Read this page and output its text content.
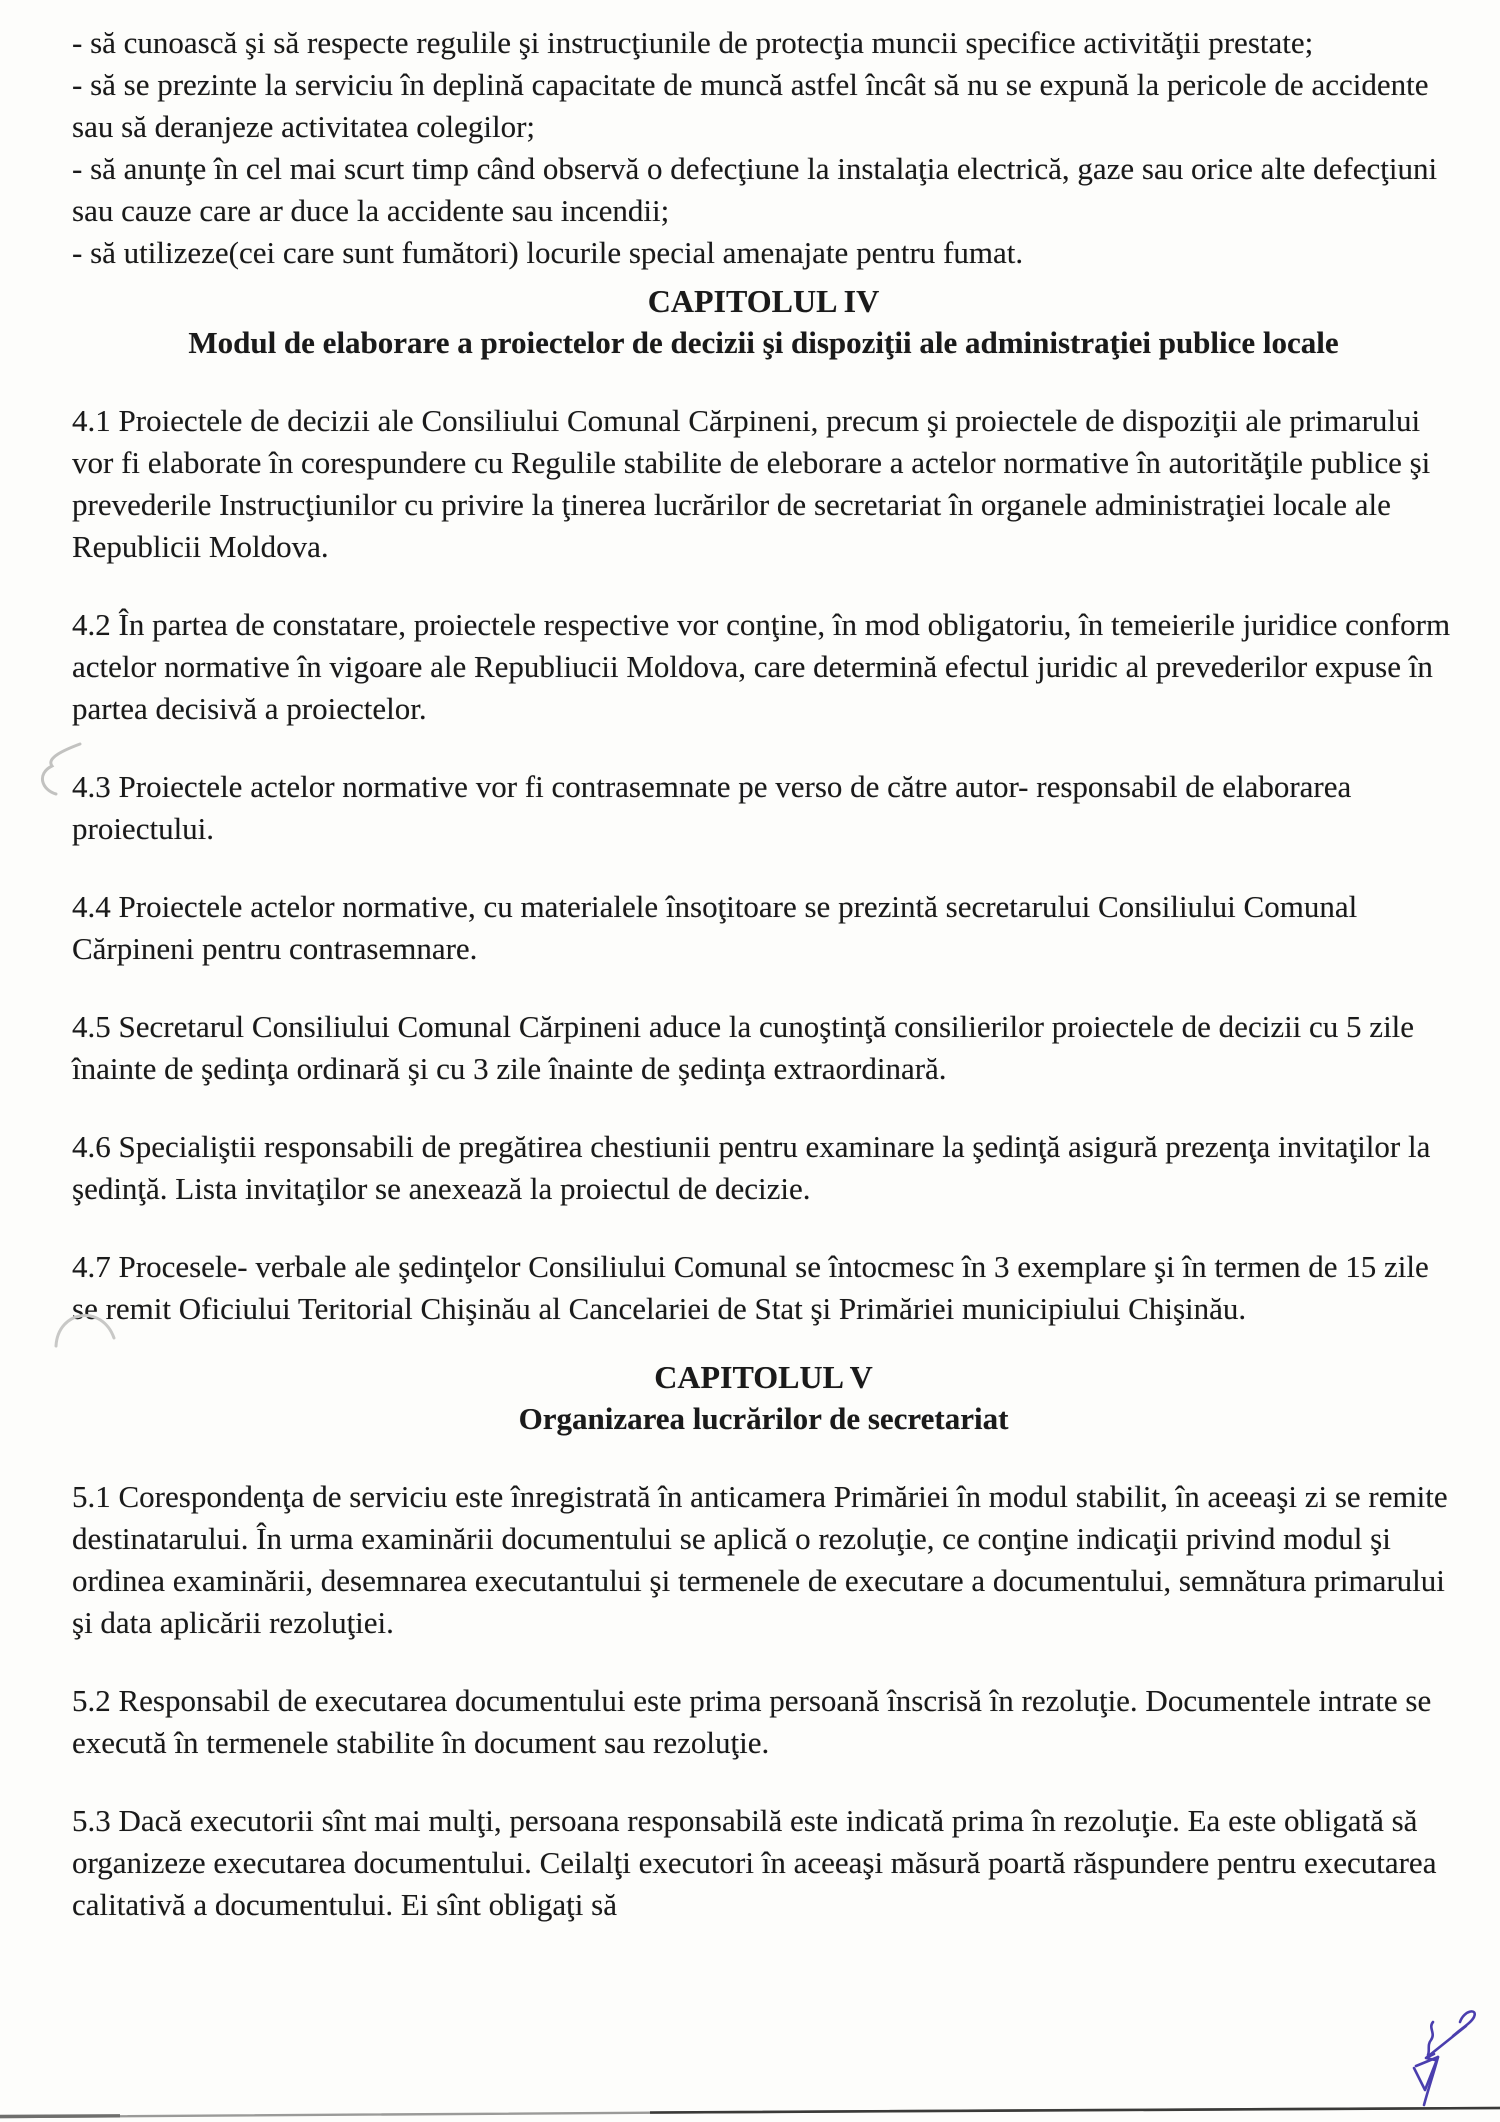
- să cunoască şi să respecte regulile şi instrucţiunile de protecţia muncii specifice activităţii prestate;

- să se prezinte la serviciu în deplină capacitate de muncă astfel încât să nu se expună la pericole de accidente sau să deranjeze activitatea colegilor;

- să anunţe în cel mai scurt timp când observă o defecţiune la instalaţia electrică, gaze sau orice alte defecţiuni sau cauze care ar duce la accidente sau incendii;

- să utilizeze(cei care sunt fumători) locurile special amenajate pentru fumat.

CAPITOLUL IV
Modul de elaborare a proiectelor de decizii şi dispoziţii ale administraţiei publice locale

4.1 Proiectele de decizii ale Consiliului Comunal Cărpineni, precum şi proiectele de dispoziţii ale primarului vor fi elaborate în corespundere cu Regulile stabilite de eleborare a actelor normative în autorităţile publice şi prevederile Instrucţiunilor cu privire la ţinerea lucrărilor de secretariat în organele administraţiei locale ale Republicii Moldova.

4.2 În partea de constatare, proiectele respective vor conţine, în mod obligatoriu, în temeierile juridice conform actelor normative în vigoare ale Republiucii Moldova, care determină efectul juridic al prevederilor expuse în partea decisivă a proiectelor.

4.3 Proiectele actelor normative vor fi contrasemnate pe verso de către autor- responsabil de elaborarea proiectului.

4.4 Proiectele actelor normative, cu materialele însoţitoare se prezintă secretarului Consiliului Comunal Cărpineni pentru contrasemnare.

4.5 Secretarul Consiliului Comunal Cărpineni aduce la cunoştinţă consilierilor proiectele de decizii cu 5 zile înainte de şedinţa ordinară şi cu 3 zile înainte de şedinţa extraordinară.

4.6 Specialiştii responsabili de pregătirea chestiunii pentru examinare la şedinţă asigură prezenţa invitaţilor la şedinţă. Lista invitaţilor se anexează la proiectul de decizie.

4.7 Procesele- verbale ale şedinţelor Consiliului Comunal se întocmesc în 3 exemplare şi în termen de 15 zile se remit Oficiului Teritorial Chişinău al Cancelariei de Stat şi Primăriei municipiului Chişinău.

CAPITOLUL V
Organizarea lucrărilor de secretariat

5.1 Corespondenţa de serviciu este înregistrată în anticamera Primăriei în modul stabilit, în aceeaşi zi se remite destinatarului. În urma examinării documentului se aplică o rezoluţie, ce conţine indicaţii privind modul şi ordinea examinării, desemnarea executantului şi termenele de executare a documentului, semnătura primarului şi data aplicării rezoluţiei.

5.2 Responsabil de executarea documentului este prima persoană înscrisă în rezoluţie. Documentele intrate se execută în termenele stabilite în document sau rezoluţie.

5.3 Dacă executorii sînt mai mulţi, persoana responsabilă este indicată prima în rezoluţie. Ea este obligată să organizeze executarea documentului. Ceilalţi executori în aceeaşi măsură poartă răspundere pentru executarea calitativă a documentului. Ei sînt obligaţi să
